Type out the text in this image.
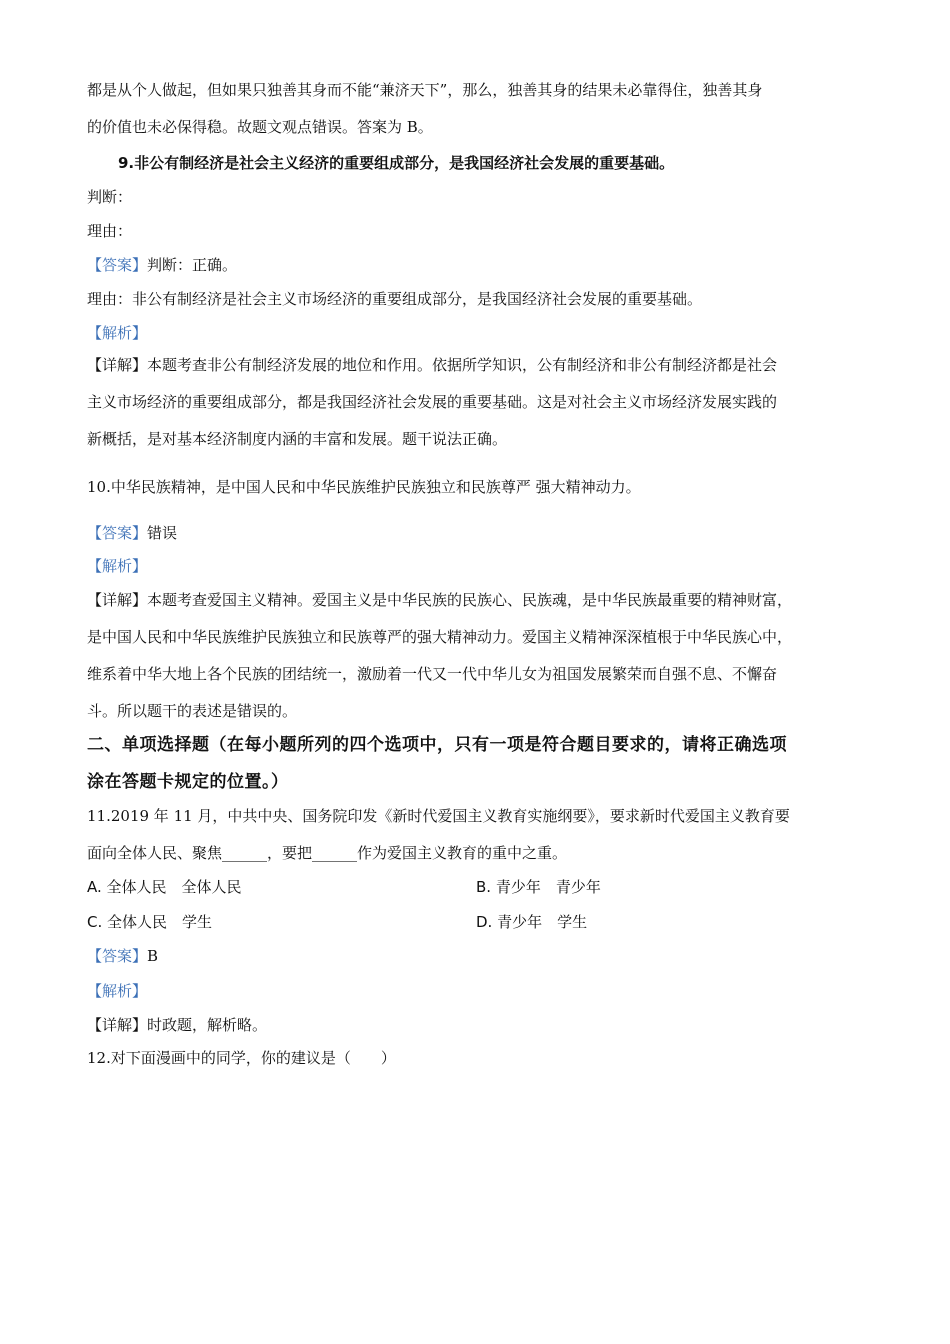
都是从个人做起，但如果只独善其身而不能“兼济天下”，那么，独善其身的结果未必靠得住，独善其身
的价值也未必保得稳。故题文观点错误。答案为 B。
9.非公有制经济是社会主义经济的重要组成部分，是我国经济社会发展的重要基础。
判断：
理由：
【答案】判断：正确。
理由：非公有制经济是社会主义市场经济的重要组成部分，是我国经济社会发展的重要基础。
【解析】
【详解】本题考查非公有制经济发展的地位和作用。依据所学知识，公有制经济和非公有制经济都是社会
主义市场经济的重要组成部分，都是我国经济社会发展的重要基础。这是对社会主义市场经济发展实践的
新概括，是对基本经济制度内涵的丰富和发展。题干说法正确。
10.中华民族精神，是中国人民和中华民族维护民族独立和民族尊严 强大精神动力。
【答案】错误
【解析】
【详解】本题考查爱国主义精神。爱国主义是中华民族的民族心、民族魂，是中华民族最重要的精神财富，
是中国人民和中华民族维护民族独立和民族尊严的强大精神动力。爱国主义精神深深植根于中华民族心中，
维系着中华大地上各个民族的团结统一，激励着一代又一代中华儿女为祖国发展繁荣而自强不息、不懈奋
斗。所以题干的表述是错误的。
二、单项选择题（在每小题所列的四个选项中，只有一项是符合题目要求的，请将正确选项
涂在答题卡规定的位置。）
11.2019 年 11 月，中共中央、国务院印发《新时代爱国主义教育实施纲要》，要求新时代爱国主义教育要
面向全体人民、聚焦______，要把______作为爱国主义教育的重中之重。
A. 全体人民　全体人民	B. 青少年　青少年
C. 全体人民　学生	D. 青少年　学生
【答案】B
【解析】
【详解】时政题，解析略。
12.对下面漫画中的同学，你的建议是（　　）
